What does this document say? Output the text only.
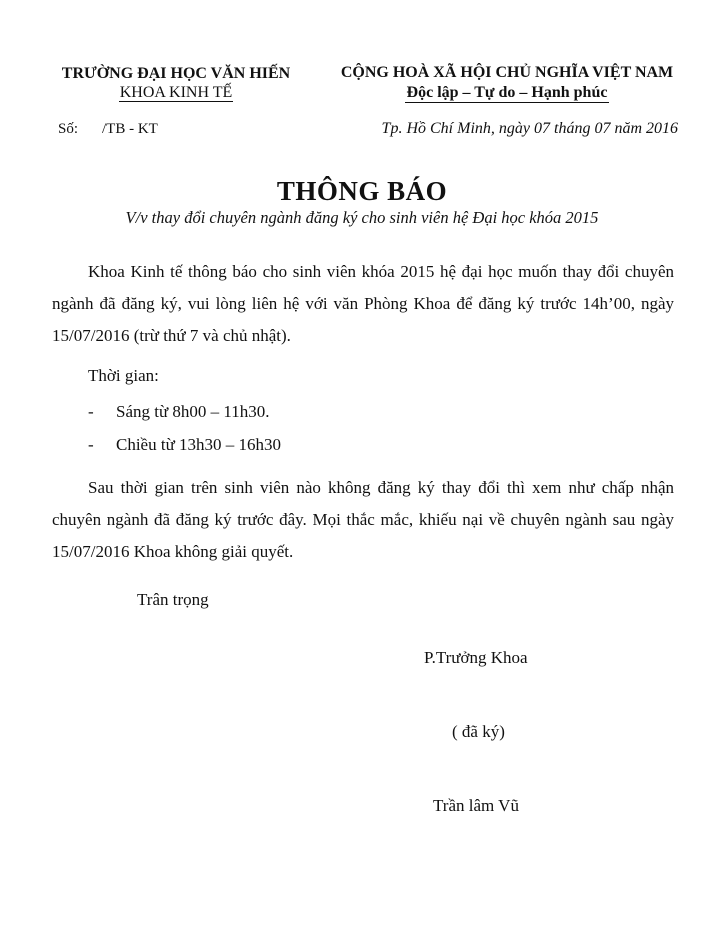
TRƯỜNG ĐẠI HỌC VĂN HIẾN
KHOA KINH TẾ
CỘNG HOÀ XÃ HỘI CHỦ NGHĨA VIỆT NAM
Độc lập – Tự do – Hạnh phúc
Số: /TB - KT	Tp. Hồ Chí Minh, ngày 07 tháng 07 năm 2016
THÔNG BÁO
V/v thay đổi chuyên ngành đăng ký cho sinh viên hệ Đại học khóa 2015
Khoa Kinh tế thông báo cho sinh viên khóa 2015 hệ đại học muốn thay đổi chuyên ngành đã đăng ký, vui lòng liên hệ với văn Phòng Khoa để đăng ký trước 14h’00, ngày 15/07/2016 (trừ thứ 7 và chủ nhật).
Thời gian:
- Sáng từ 8h00 – 11h30.
- Chiều từ 13h30 – 16h30
Sau thời gian trên sinh viên nào không đăng ký thay đổi thì xem như chấp nhận chuyên ngành đã đăng ký trước đây. Mọi thắc mắc, khiếu nại về chuyên ngành sau ngày 15/07/2016 Khoa không giải quyết.
Trân trọng
P.Trưởng Khoa
( đã ký)
Trần lâm Vũ
